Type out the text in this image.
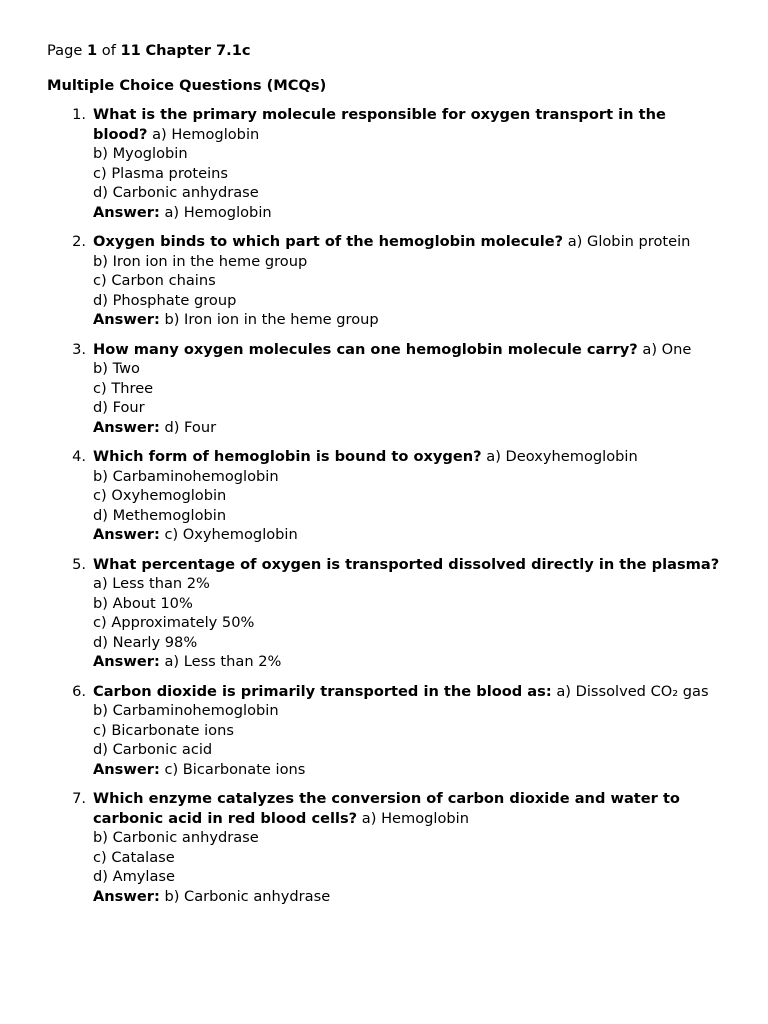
Page 1 of 11 Chapter 7.1c
Multiple Choice Questions (MCQs)
1. What is the primary molecule responsible for oxygen transport in the blood? a) Hemoglobin
b) Myoglobin
c) Plasma proteins
d) Carbonic anhydrase
Answer: a) Hemoglobin
2. Oxygen binds to which part of the hemoglobin molecule? a) Globin protein
b) Iron ion in the heme group
c) Carbon chains
d) Phosphate group
Answer: b) Iron ion in the heme group
3. How many oxygen molecules can one hemoglobin molecule carry? a) One
b) Two
c) Three
d) Four
Answer: d) Four
4. Which form of hemoglobin is bound to oxygen? a) Deoxyhemoglobin
b) Carbaminohemoglobin
c) Oxyhemoglobin
d) Methemoglobin
Answer: c) Oxyhemoglobin
5. What percentage of oxygen is transported dissolved directly in the plasma? a) Less than 2%
b) About 10%
c) Approximately 50%
d) Nearly 98%
Answer: a) Less than 2%
6. Carbon dioxide is primarily transported in the blood as: a) Dissolved CO₂ gas
b) Carbaminohemoglobin
c) Bicarbonate ions
d) Carbonic acid
Answer: c) Bicarbonate ions
7. Which enzyme catalyzes the conversion of carbon dioxide and water to carbonic acid in red blood cells? a) Hemoglobin
b) Carbonic anhydrase
c) Catalase
d) Amylase
Answer: b) Carbonic anhydrase
